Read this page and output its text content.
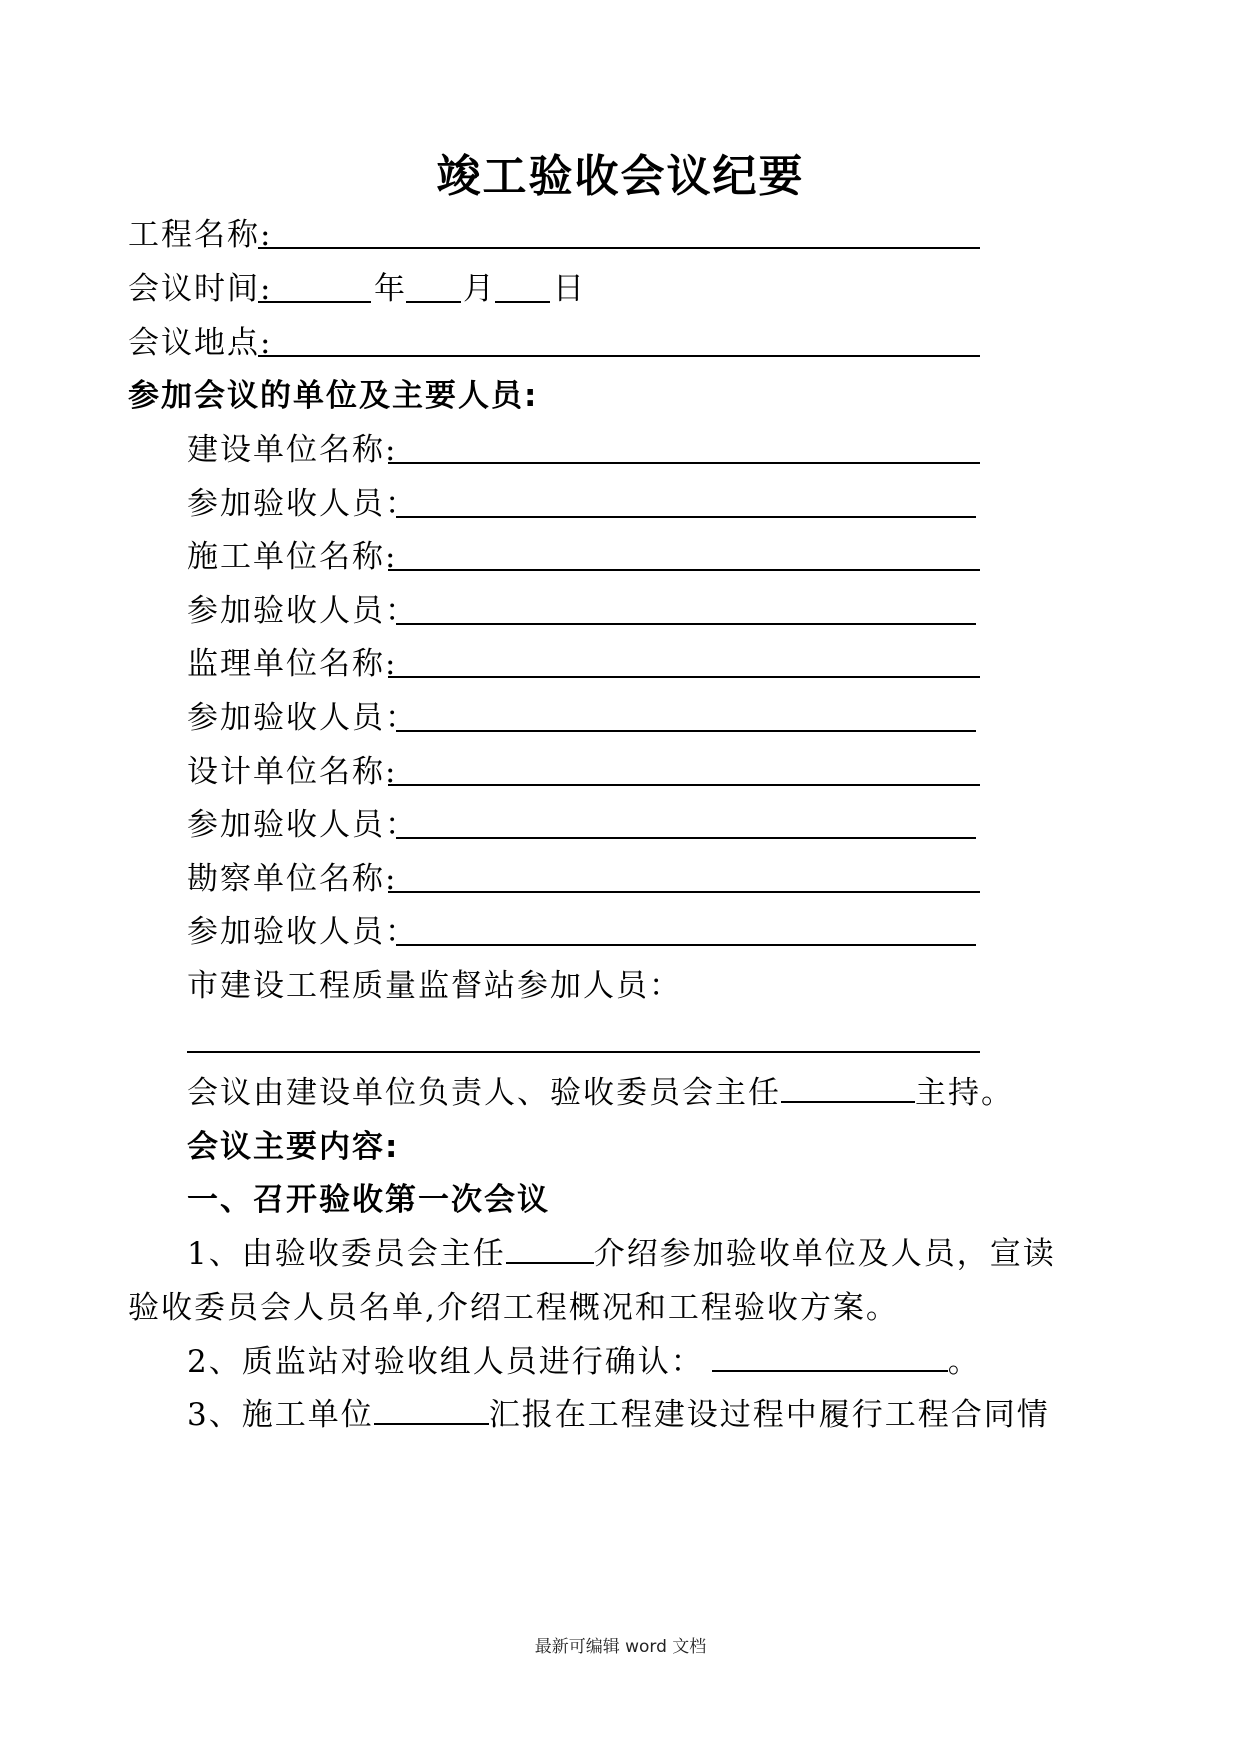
竣工验收会议纪要
工程名称:
会议时间:	年 月 日
会议地点:
参加会议的单位及主要人员:
建设单位名称:
参加验收人员：
施工单位名称:
参加验收人员：
监理单位名称:
参加验收人员：
设计单位名称:
参加验收人员：
勘察单位名称:
参加验收人员：
市建设工程质量监督站参加人员：
会议由建设单位负责人、验收委员会主任	主持。
会议主要内容:
一、召开验收第一次会议
1、由验收委员会主任	介绍参加验收单位及人员，宣读
验收委员会人员名单,介绍工程概况和工程验收方案。
2、质监站对验收组人员进行确认：	。
3、施工单位	汇报在工程建设过程中履行工程合同情
最新可编辑 word 文档
